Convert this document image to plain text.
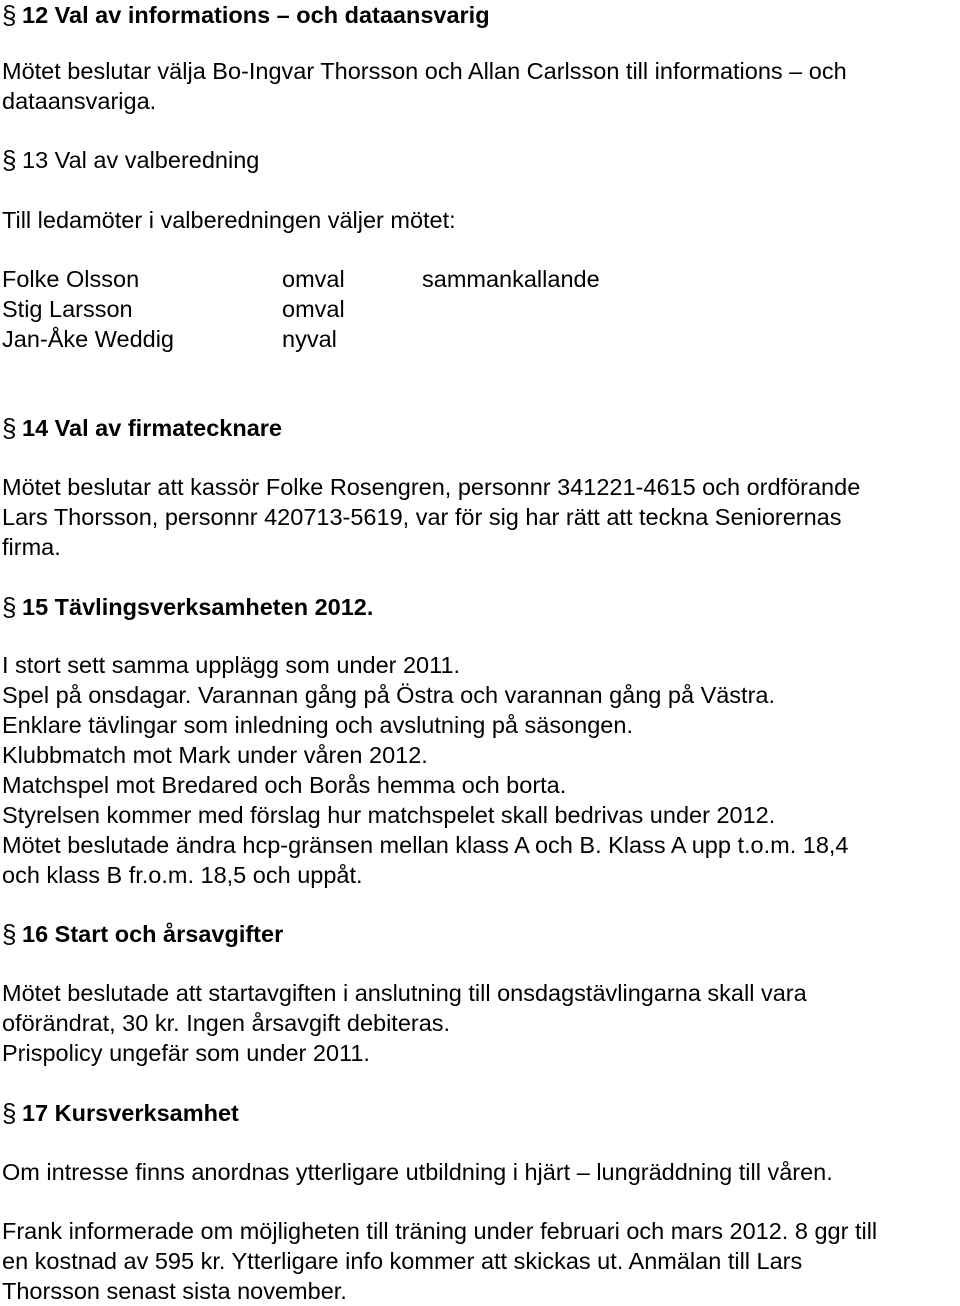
§ 12 Val av informations – och dataansvarig
Mötet beslutar välja Bo-Ingvar Thorsson och Allan Carlsson till informations – och
dataansvariga.
§ 13 Val av valberedning
Till ledamöter i valberedningen väljer mötet:
Folke Olsson	omval	sammankallande
Stig Larsson	omval
Jan-Åke Weddig	nyval
§ 14 Val av firmatecknare
Mötet beslutar att kassör Folke Rosengren, personnr 341221-4615 och ordförande
Lars Thorsson, personnr 420713-5619, var för sig har rätt att teckna Seniorernas
firma.
§ 15 Tävlingsverksamheten 2012.
I stort sett samma upplägg som under 2011.
Spel på onsdagar. Varannan gång på Östra och varannan gång på Västra.
Enklare tävlingar som inledning och avslutning på säsongen.
Klubbmatch mot Mark under våren 2012.
Matchspel mot Bredared och Borås hemma och borta.
Styrelsen kommer med förslag hur matchspelet skall bedrivas under 2012.
Mötet beslutade ändra hcp-gränsen mellan klass A och B. Klass A upp t.o.m. 18,4
och klass B fr.o.m. 18,5 och uppåt.
§ 16 Start och årsavgifter
Mötet beslutade att startavgiften i anslutning till onsdagstävlingarna skall vara
oförändrat, 30 kr. Ingen årsavgift debiteras.
Prispolicy ungefär som under 2011.
§ 17 Kursverksamhet
Om intresse finns anordnas ytterligare utbildning i hjärt – lungräddning till våren.
Frank informerade om möjligheten till träning under februari och mars 2012. 8 ggr till
en kostnad av 595 kr. Ytterligare info kommer att skickas ut. Anmälan till Lars
Thorsson senast sista november.
